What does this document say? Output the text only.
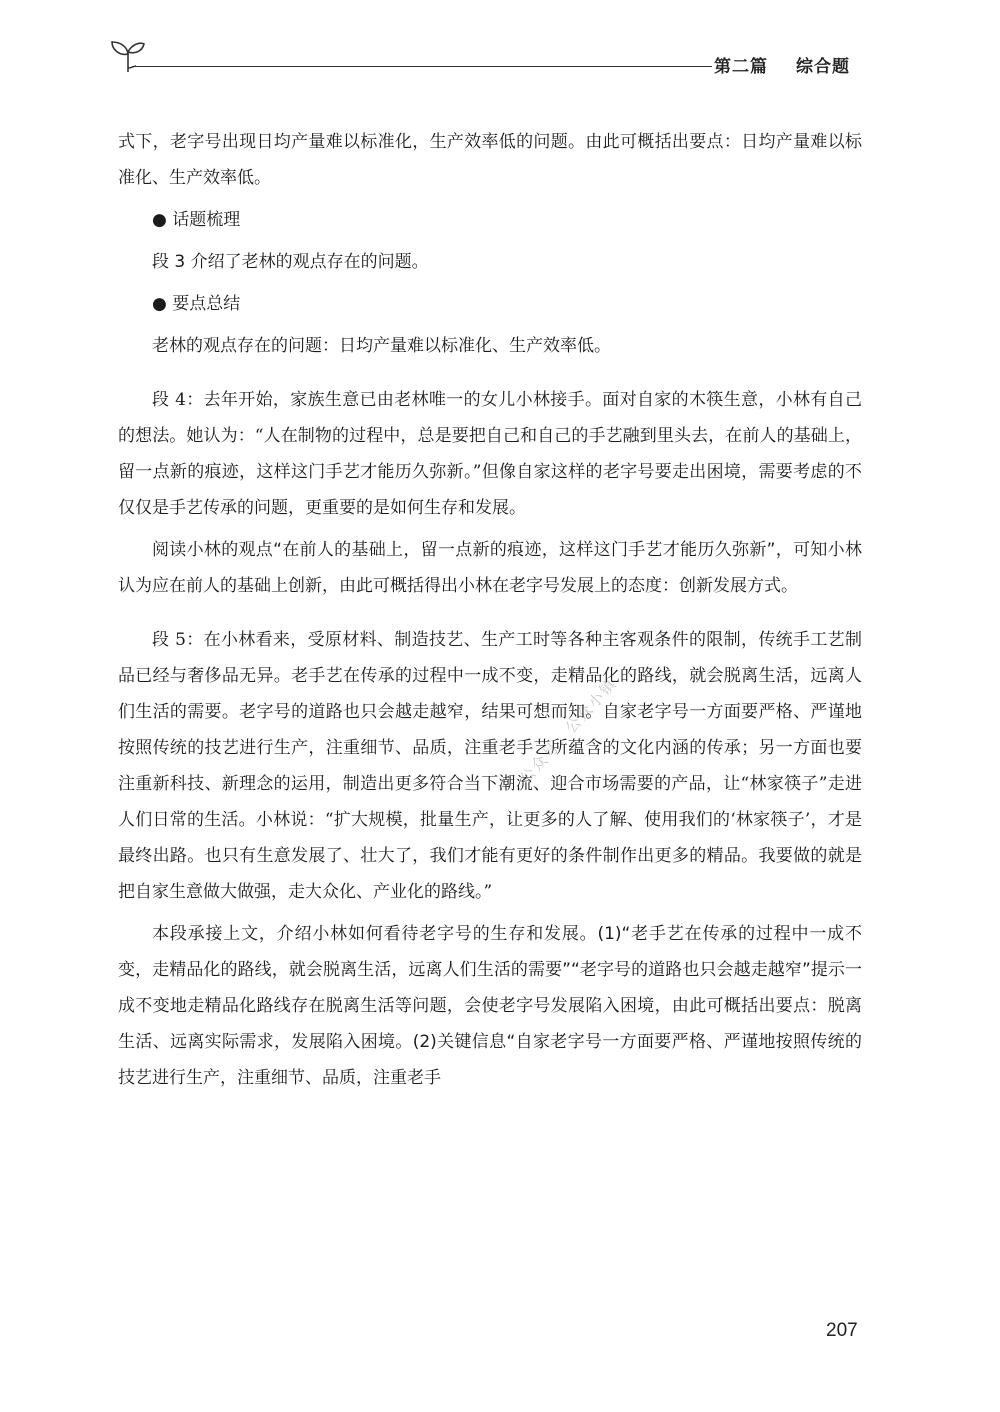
第二篇 综合题
公众号：公众小镇

式下，老字号出现日均产量难以标准化，生产效率低的问题。由此可概括出要点：日均产量难以标准化、生产效率低。

● 话题梳理

段 3 介绍了老林的观点存在的问题。

● 要点总结

老林的观点存在的问题：日均产量难以标准化、生产效率低。

段 4：去年开始，家族生意已由老林唯一的女儿小林接手。面对自家的木筷生意，小林有自己的想法。她认为：“人在制物的过程中，总是要把自己和自己的手艺融到里头去，在前人的基础上，留一点新的痕迹，这样这门手艺才能历久弥新。”但像自家这样的老字号要走出困境，需要考虑的不仅仅是手艺传承的问题，更重要的是如何生存和发展。

阅读小林的观点“在前人的基础上，留一点新的痕迹，这样这门手艺才能历久弥新”，可知小林认为应在前人的基础上创新，由此可概括得出小林在老字号发展上的态度：创新发展方式。

段 5：在小林看来，受原材料、制造技艺、生产工时等各种主客观条件的限制，传统手工艺制品已经与奢侈品无异。老手艺在传承的过程中一成不变，走精品化的路线，就会脱离生活，远离人们生活的需要。老字号的道路也只会越走越窄，结果可想而知。自家老字号一方面要严格、严谨地按照传统的技艺进行生产，注重细节、品质，注重老手艺所蕴含的文化内涵的传承；另一方面也要注重新科技、新理念的运用，制造出更多符合当下潮流、迎合市场需要的产品，让“林家筷子”走进人们日常的生活。小林说：“扩大规模，批量生产，让更多的人了解、使用我们的‘林家筷子’，才是最终出路。也只有生意发展了、壮大了，我们才能有更好的条件制作出更多的精品。我要做的就是把自家生意做大做强，走大众化、产业化的路线。”

本段承接上文，介绍小林如何看待老字号的生存和发展。(1)“老手艺在传承的过程中一成不变，走精品化的路线，就会脱离生活，远离人们生活的需要”“老字号的道路也只会越走越窄”提示一成不变地走精品化路线存在脱离生活等问题，会使老字号发展陷入困境，由此可概括出要点：脱离生活、远离实际需求，发展陷入困境。(2)关键信息“自家老字号一方面要严格、严谨地按照传统的技艺进行生产，注重细节、品质，注重老手

207
